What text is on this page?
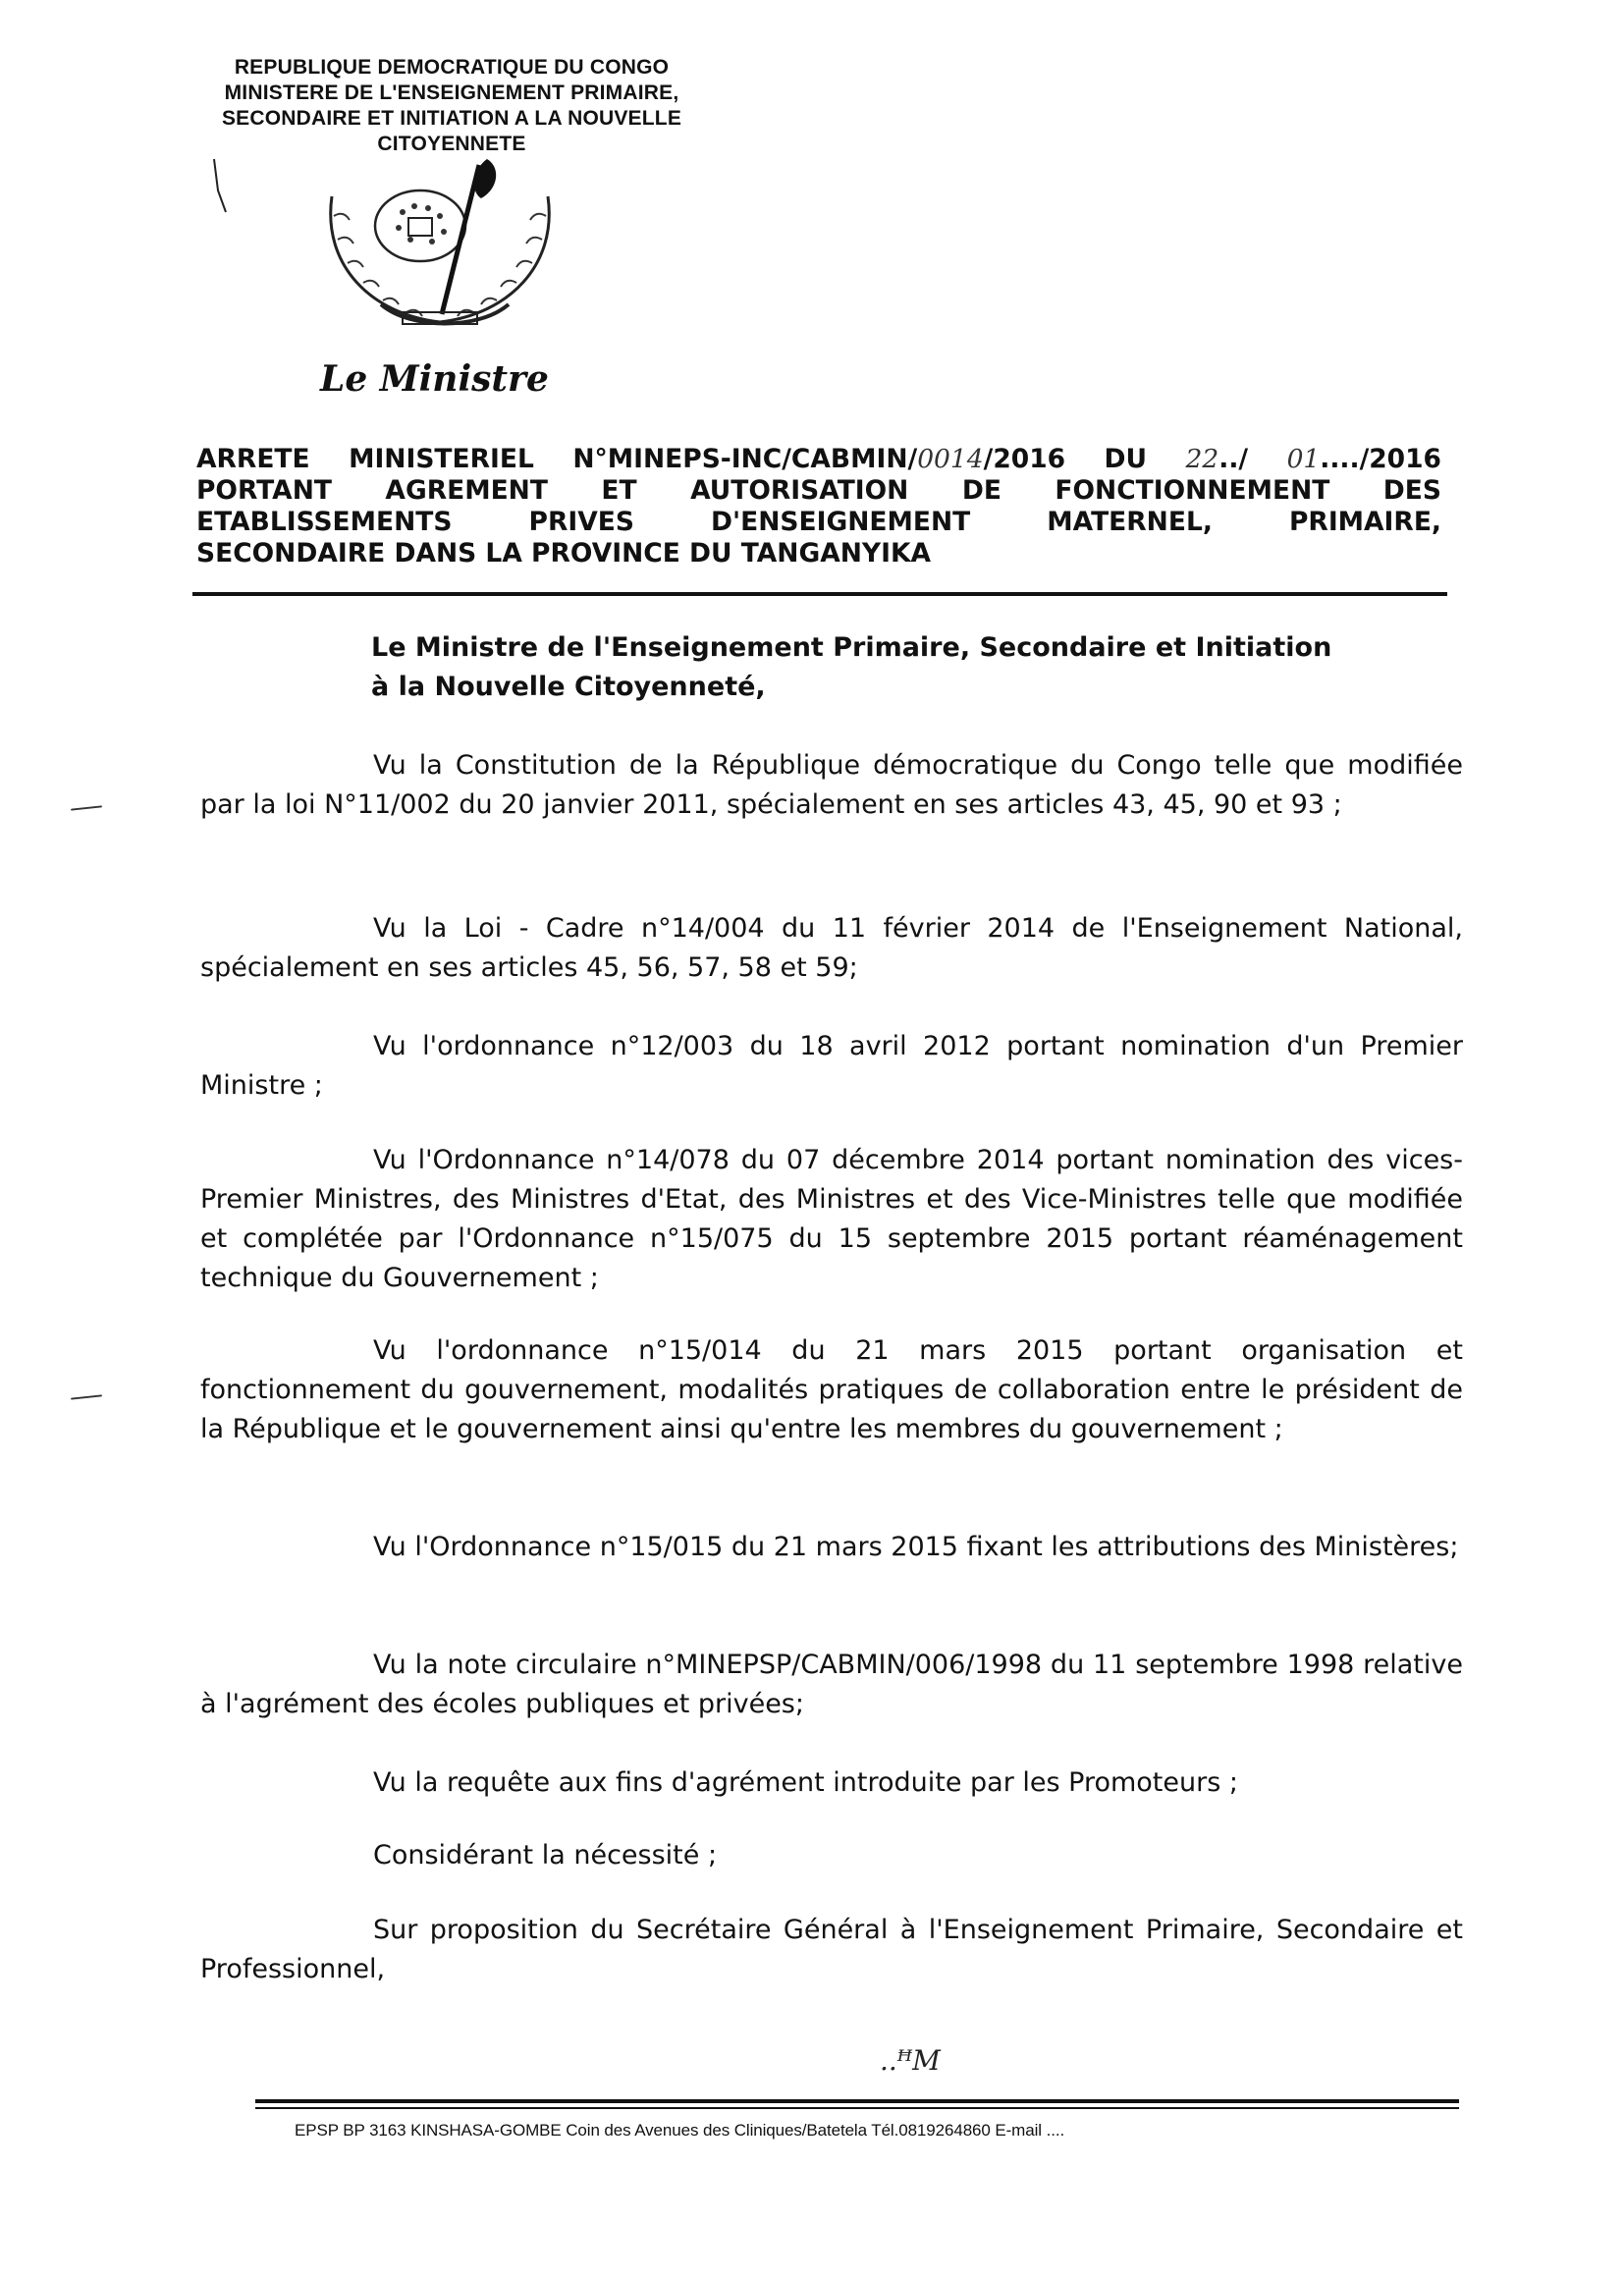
REPUBLIQUE DEMOCRATIQUE DU CONGO
MINISTERE DE L'ENSEIGNEMENT PRIMAIRE,
SECONDAIRE ET INITIATION A LA NOUVELLE
CITOYENNETE
Le Ministre
ARRETE MINISTERIEL N°MINEPS-INC/CABMIN/0014/2016 DU 22../ 01..../2016
PORTANT AGREMENT ET AUTORISATION DE FONCTIONNEMENT DES
ETABLISSEMENTS PRIVES D'ENSEIGNEMENT MATERNEL, PRIMAIRE,
SECONDAIRE DANS LA PROVINCE DU TANGANYIKA
Le Ministre de l'Enseignement Primaire, Secondaire et Initiation
à la Nouvelle Citoyenneté,
Vu la Constitution de la République démocratique du Congo telle que modifiée par la loi N°11/002 du 20 janvier 2011, spécialement en ses articles 43, 45, 90 et 93 ;
Vu la Loi - Cadre n°14/004 du 11 février 2014 de l'Enseignement National, spécialement en ses articles 45, 56, 57, 58 et 59;
Vu l'ordonnance n°12/003 du 18 avril 2012 portant nomination d'un Premier Ministre ;
Vu l'Ordonnance n°14/078 du 07 décembre 2014 portant nomination des vices-Premier Ministres, des Ministres d'Etat, des Ministres et des Vice-Ministres telle que modifiée et complétée par l'Ordonnance n°15/075 du 15 septembre 2015 portant réaménagement technique du Gouvernement ;
Vu l'ordonnance n°15/014 du 21 mars 2015 portant organisation et fonctionnement du gouvernement, modalités pratiques de collaboration entre le président de la République et le gouvernement ainsi qu'entre les membres du gouvernement ;
Vu l'Ordonnance n°15/015 du 21 mars 2015 fixant les attributions des Ministères;
Vu la note circulaire n°MINEPSP/CABMIN/006/1998 du 11 septembre 1998 relative à l'agrément des écoles publiques et privées;
Vu la requête aux fins d'agrément introduite par les Promoteurs ;
Considérant la nécessité ;
Sur proposition du Secrétaire Général à l'Enseignement Primaire, Secondaire et Professionnel,
..ꟸM
EPSP BP 3163 KINSHASA-GOMBE Coin des Avenues des Cliniques/Batetela Tél.0819264860 E-mail ....
